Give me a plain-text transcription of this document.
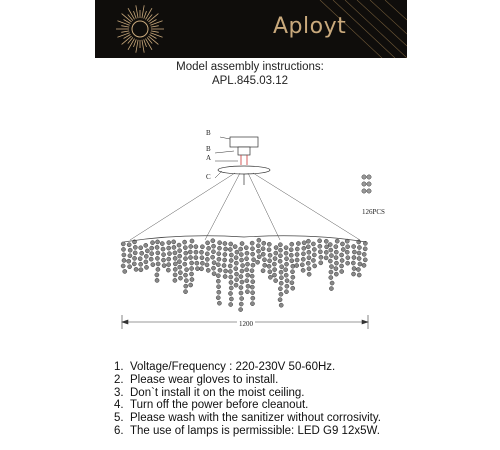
Aployt
Model assembly instructions:
APL.845.03.12
B
B
A
C
126PCS
1200
1. Voltage/Frequency : 220-230V 50-60Hz.
2. Please wear gloves to install.
3. Don`t install it on the moist ceiling.
4. Turn off the power before cleanout.
5. Please wash with the sanitizer without corrosivity.
6. The use of lamps is permissible: LED G9 12x5W.
